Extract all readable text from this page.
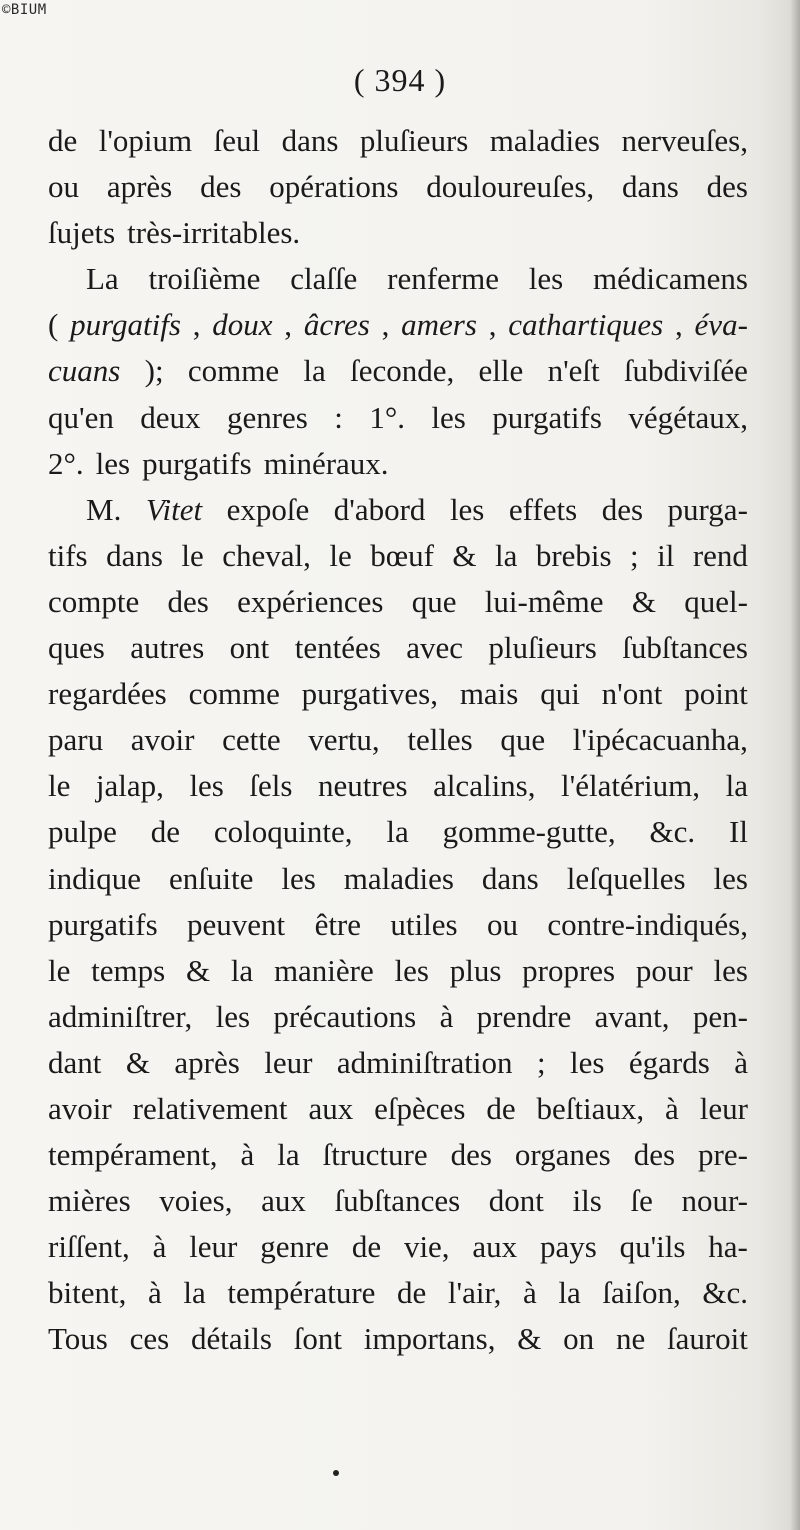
©BIUM
( 394 )
de l'opium ſeul dans pluſieurs maladies nerveuſes,
ou après des opérations douloureuſes, dans des
ſujets très-irritables.
La troiſième claſſe renferme les médicamens
( purgatifs , doux , âcres , amers , cathartiques , éva-
cuans ); comme la ſeconde, elle n'eſt ſubdiviſée
qu'en deux genres : 1°. les purgatifs végétaux,
2°. les purgatifs minéraux.
M. Vitet expoſe d'abord les effets des purga-
tifs dans le cheval, le bœuf & la brebis ; il rend
compte des expériences que lui-même & quel-
ques autres ont tentées avec pluſieurs ſubſtances
regardées comme purgatives, mais qui n'ont point
paru avoir cette vertu, telles que l'ipécacuanha,
le jalap, les ſels neutres alcalins, l'élatérium, la
pulpe de coloquinte, la gomme-gutte, &c. Il
indique enſuite les maladies dans leſquelles les
purgatifs peuvent être utiles ou contre-indiqués,
le temps & la manière les plus propres pour les
adminiſtrer, les précautions à prendre avant, pen-
dant & après leur adminiſtration ; les égards à
avoir relativement aux eſpèces de beſtiaux, à leur
tempérament, à la ſtructure des organes des pre-
mières voies, aux ſubſtances dont ils ſe nour-
riſſent, à leur genre de vie, aux pays qu'ils ha-
bitent, à la température de l'air, à la ſaiſon, &c.
Tous ces détails ſont importans, & on ne ſauroit
